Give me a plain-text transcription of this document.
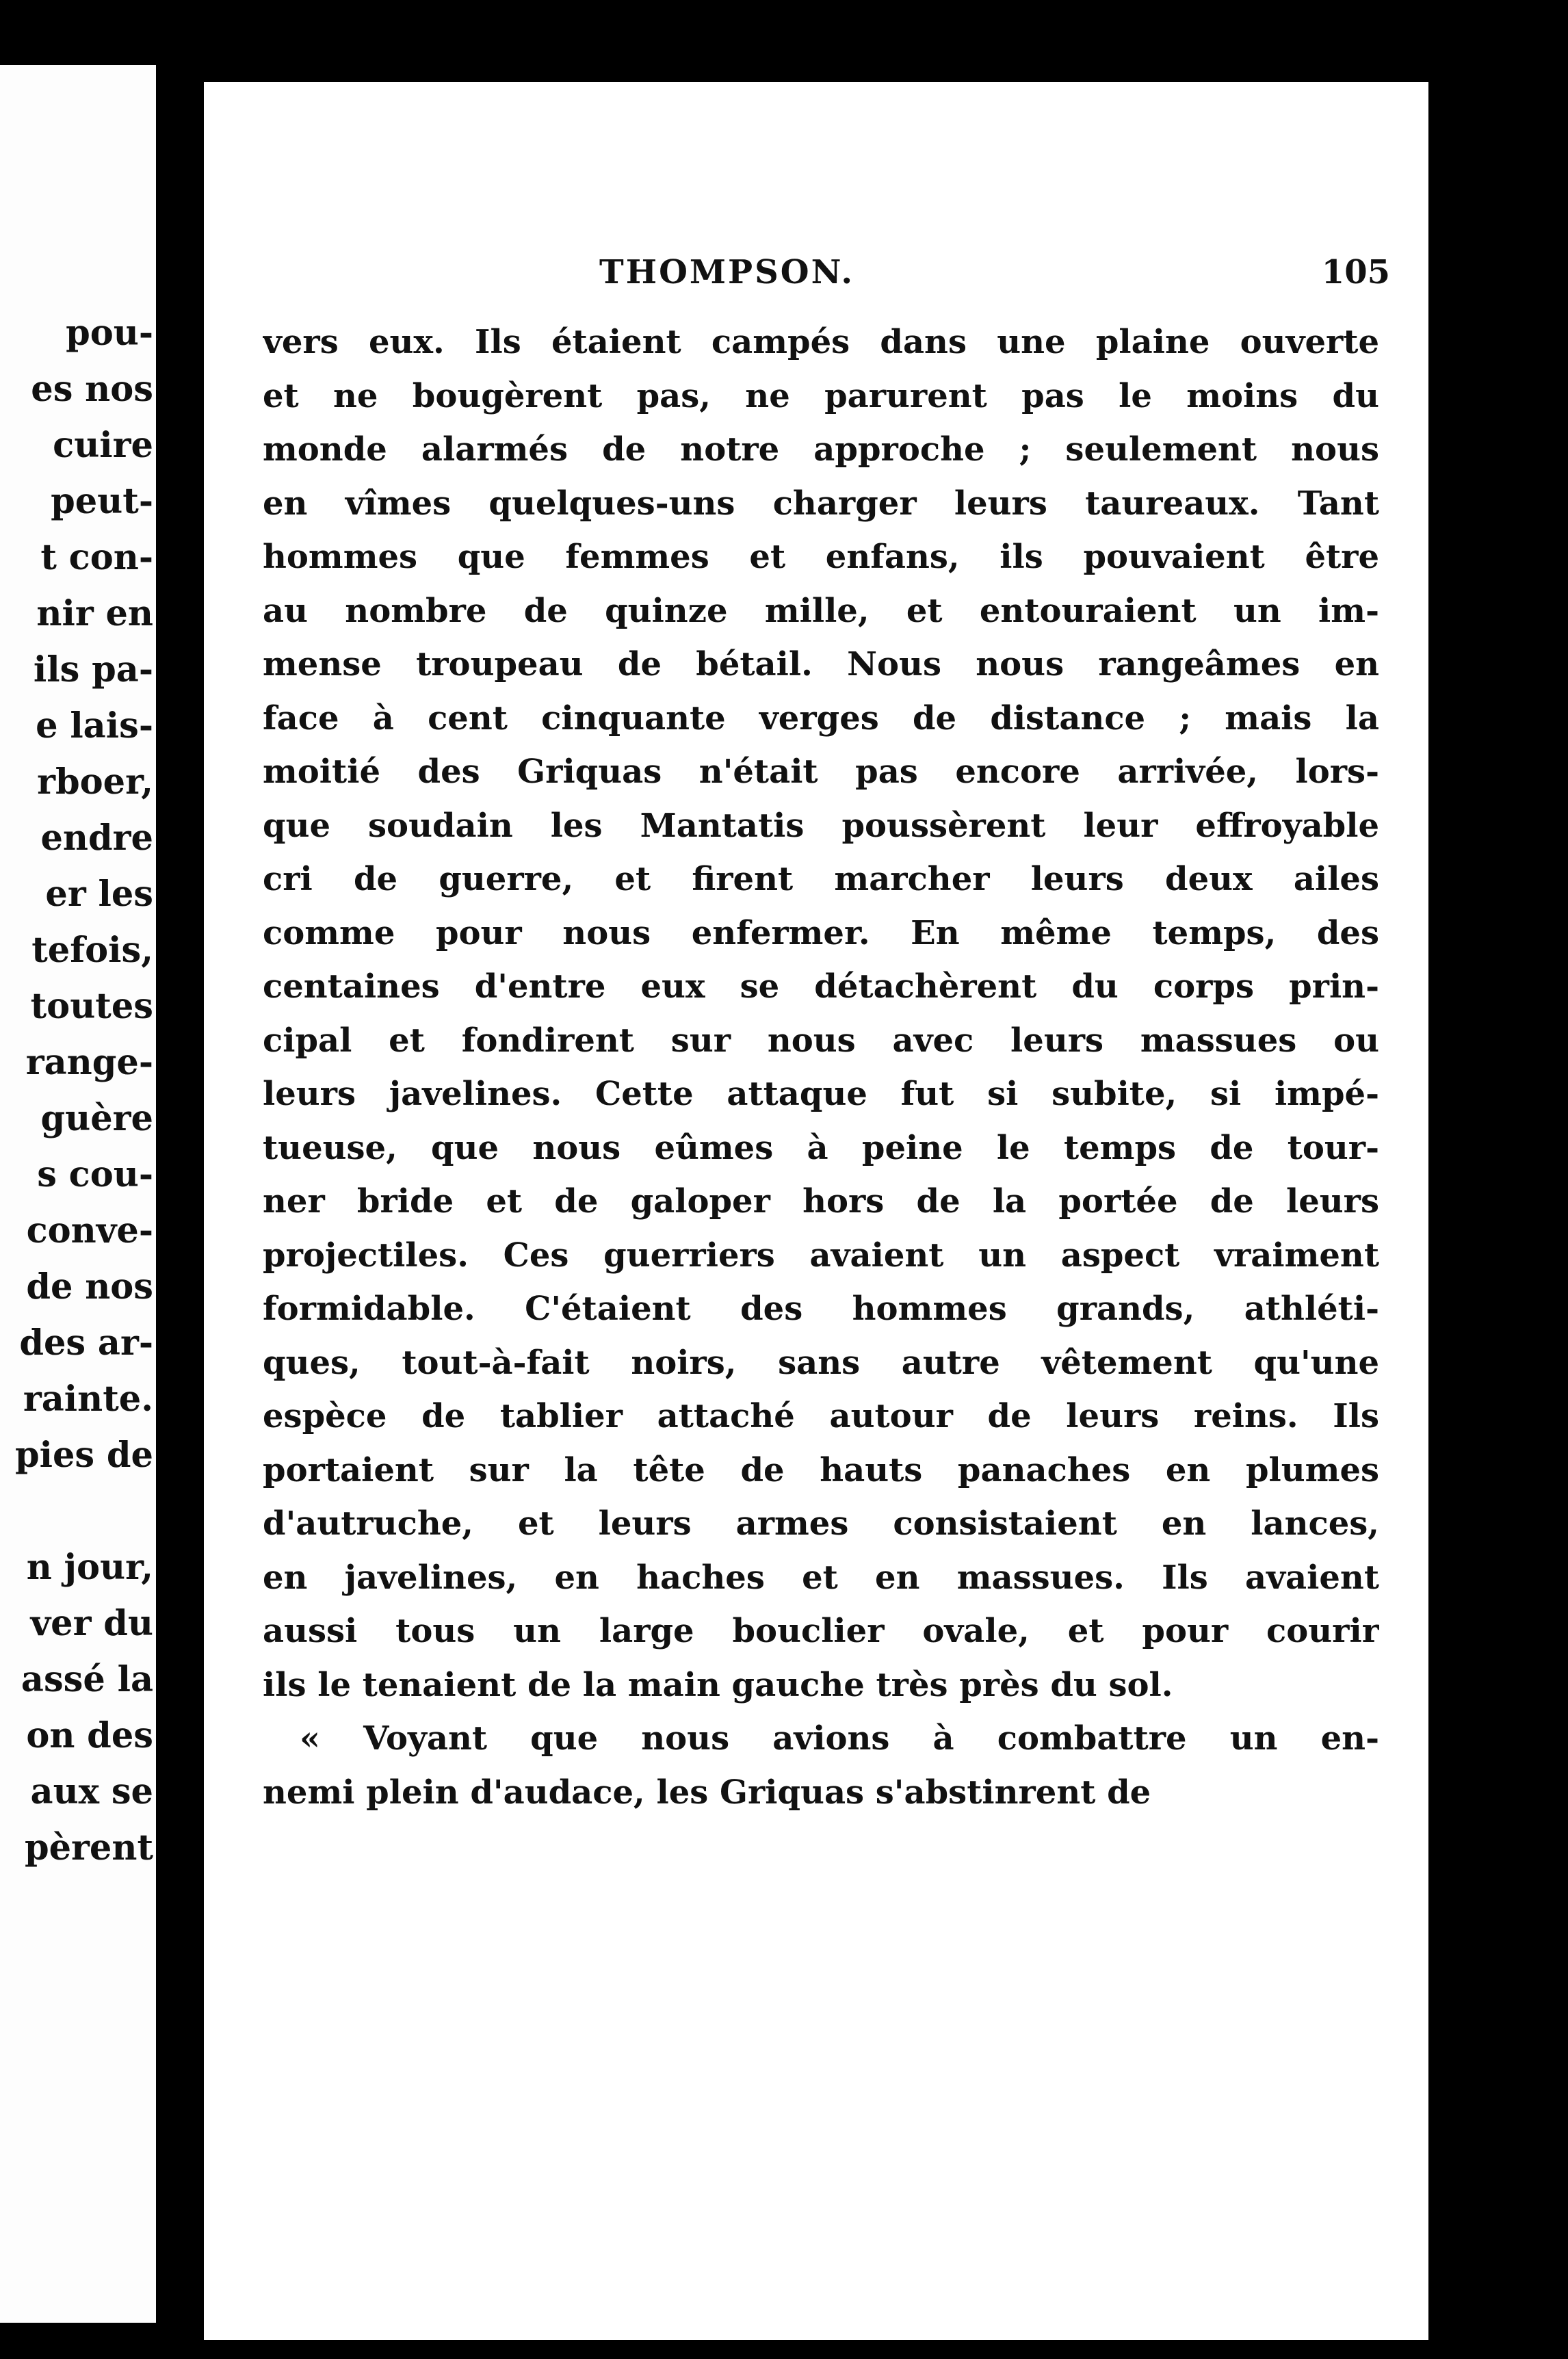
pou-
es nos
cuire
peut-
t con-
nir en
ils pa-
e lais-
rboer,
endre
er les
tefois,
toutes
range-
guère
s cou-
conve-
de nos
des ar-
rainte.
pies de
n jour,
ver du
assé la
on des
aux se
pèrent
THOMPSON.	105
vers eux. Ils étaient campés dans une plaine ouverte
et ne bougèrent pas, ne parurent pas le moins du
monde alarmés de notre approche ; seulement nous
en vîmes quelques-uns charger leurs taureaux. Tant
hommes que femmes et enfans, ils pouvaient être
au nombre de quinze mille, et entouraient un im-
mense troupeau de bétail. Nous nous rangeâmes en
face à cent cinquante verges de distance ; mais la
moitié des Griquas n'était pas encore arrivée, lors-
que soudain les Mantatis poussèrent leur effroyable
cri de guerre, et firent marcher leurs deux ailes
comme pour nous enfermer. En même temps, des
centaines d'entre eux se détachèrent du corps prin-
cipal et fondirent sur nous avec leurs massues ou
leurs javelines. Cette attaque fut si subite, si impé-
tueuse, que nous eûmes à peine le temps de tour-
ner bride et de galoper hors de la portée de leurs
projectiles. Ces guerriers avaient un aspect vraiment
formidable. C'étaient des hommes grands, athléti-
ques, tout-à-fait noirs, sans autre vêtement qu'une
espèce de tablier attaché autour de leurs reins. Ils
portaient sur la tête de hauts panaches en plumes
d'autruche, et leurs armes consistaient en lances,
en javelines, en haches et en massues. Ils avaient
aussi tous un large bouclier ovale, et pour courir
ils le tenaient de la main gauche très près du sol.
« Voyant que nous avions à combattre un en-
nemi plein d'audace, les Griquas s'abstinrent de
